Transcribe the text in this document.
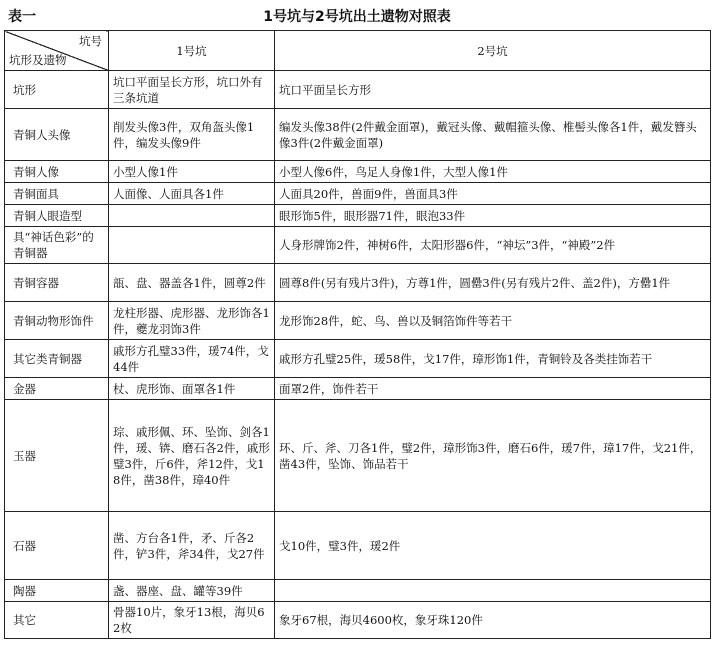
表一	1号坑与2号坑出土遗物对照表
坑号
坑形及遗物	1号坑	2号坑
坑形	坑口平面呈长方形，坑口外有三条坑道	坑口平面呈长方形
青铜人头像	削发头像3件，双角盔头像1件，编发头像9件	编发头像38件(2件戴金面罩)，戴冠头像、戴帽箍头像、椎髻头像各1件，戴发簪头像3件(2件戴金面罩)
青铜人像	小型人像1件	小型人像6件，鸟足人身像1件，大型人像1件
青铜面具	人面像、人面具各1件	人面具20件，兽面9件，兽面具3件
青铜人眼造型		眼形饰5件，眼形器71件，眼泡33件
具“神话色彩”的青铜器		人身形牌饰2件，神树6件，太阳形器6件，“神坛”3件，“神殿”2件
青铜容器	瓿、盘、器盖各1件，圆尊2件	圆尊8件(另有残片3件)，方尊1件，圆罍3件(另有残片2件、盖2件)，方罍1件
青铜动物形饰件	龙柱形器、虎形器、龙形饰各1件，夔龙羽饰3件	龙形饰28件，蛇、鸟、兽以及铜箔饰件等若干
其它类青铜器	戚形方孔璧33件，瑗74件，戈44件	戚形方孔璧25件，瑗58件，戈17件，璋形饰1件，青铜铃及各类挂饰若干
金器	杖、虎形饰、面罩各1件	面罩2件，饰件若干
玉器	琮、戚形佩、环、坠饰、剑各1件，瑗、锛、磨石各2件，戚形璧3件，斤6件，斧12件，戈18件，凿38件，璋40件	环、斤、斧、刀各1件，璧2件，璋形饰3件，磨石6件，瑗7件，璋17件，戈21件，凿43件，坠饰、饰品若干
石器	凿、方台各1件，矛、斤各2件，铲3件，斧34件，戈27件	戈10件，璧3件，瑗2件
陶器	盏、器座、盘、罐等39件	
其它	骨器10片，象牙13根，海贝62枚	象牙67根，海贝4600枚，象牙珠120件
